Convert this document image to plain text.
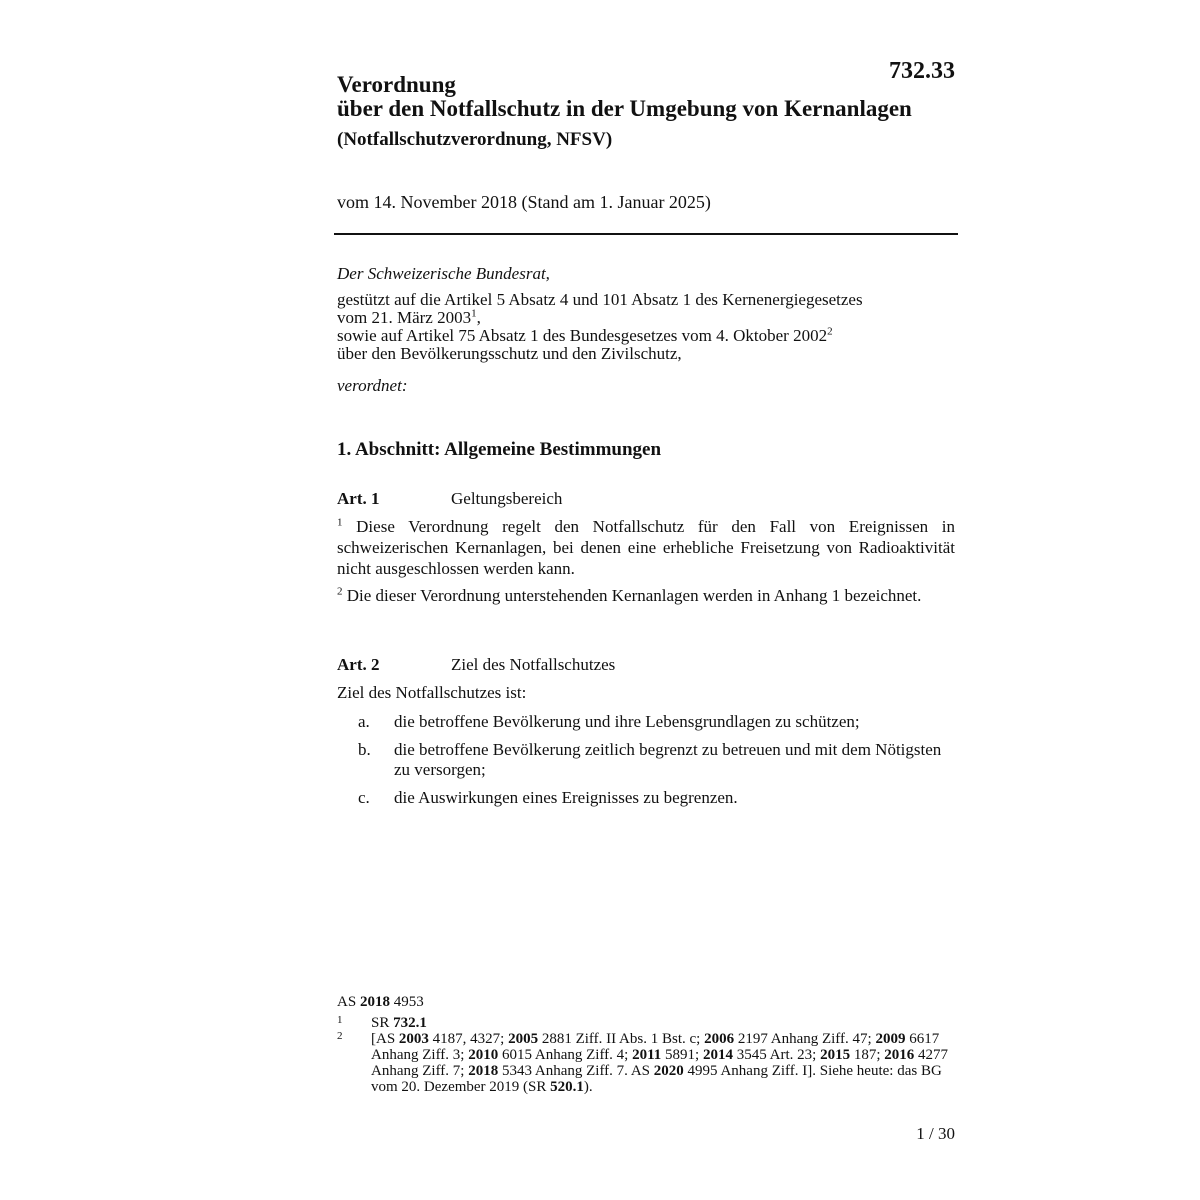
732.33
Verordnung
über den Notfallschutz in der Umgebung von Kernanlagen
(Notfallschutzverordnung, NFSV)
vom 14. November 2018 (Stand am 1. Januar 2025)
Der Schweizerische Bundesrat,
gestützt auf die Artikel 5 Absatz 4 und 101 Absatz 1 des Kernenergiegesetzes
vom 21. März 2003$^1$,
sowie auf Artikel 75 Absatz 1 des Bundesgesetzes vom 4. Oktober 2002$^2$
über den Bevölkerungsschutz und den Zivilschutz,
verordnet:
1. Abschnitt: Allgemeine Bestimmungen
Art. 1	Geltungsbereich
$^1$ Diese Verordnung regelt den Notfallschutz für den Fall von Ereignissen in schweizerischen Kernanlagen, bei denen eine erhebliche Freisetzung von Radioaktivität nicht ausgeschlossen werden kann.
$^2$ Die dieser Verordnung unterstehenden Kernanlagen werden in Anhang 1 bezeichnet.
Art. 2	Ziel des Notfallschutzes
Ziel des Notfallschutzes ist:
a. die betroffene Bevölkerung und ihre Lebensgrundlagen zu schützen;
b. die betroffene Bevölkerung zeitlich begrenzt zu betreuen und mit dem Nötigsten zu versorgen;
c. die Auswirkungen eines Ereignisses zu begrenzen.
AS 2018 4953
1 SR 732.1
2 [AS 2003 4187, 4327; 2005 2881 Ziff. II Abs. 1 Bst. c; 2006 2197 Anhang Ziff. 47; 2009 6617 Anhang Ziff. 3; 2010 6015 Anhang Ziff. 4; 2011 5891; 2014 3545 Art. 23; 2015 187; 2016 4277 Anhang Ziff. 7; 2018 5343 Anhang Ziff. 7. AS 2020 4995 Anhang Ziff. I]. Siehe heute: das BG vom 20. Dezember 2019 (SR 520.1).
1 / 30
